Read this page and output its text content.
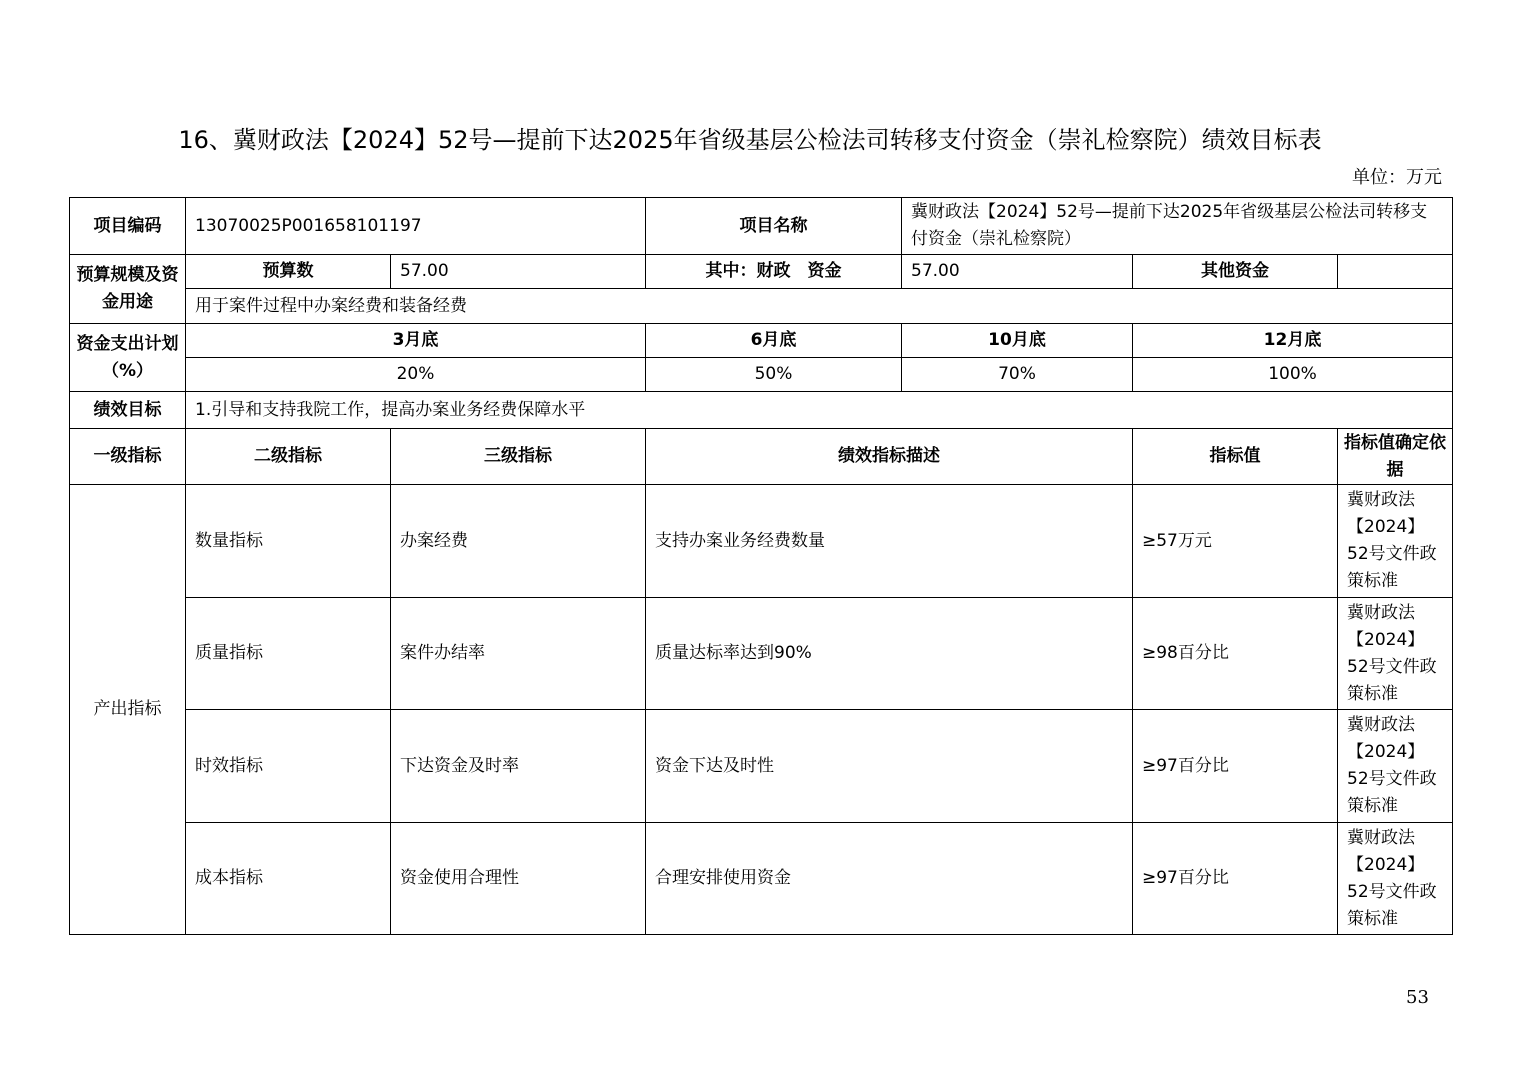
16、冀财政法【2024】52号—提前下达2025年省级基层公检法司转移支付资金（崇礼检察院）绩效目标表
单位：万元
项目编码	13070025P001658101197		项目名称	冀财政法【2024】52号—提前下达2025年省级基层公检法司转移支付资金（崇礼检察院）		
预算规模及资金用途	预算数	57.00	其中：财政　资金	57.00	其他资金	
	用于案件过程中办案经费和装备经费					
资金支出计划（%）	3月底		6月底	10月底	12月底	
	20%		50%	70%	100%	
绩效目标	1.引导和支持我院工作，提高办案业务经费保障水平					
一级指标	二级指标	三级指标	绩效指标描述		指标值	指标值确定依据
产出指标	数量指标	办案经费	支持办案业务经费数量		≥57万元	冀财政法【2024】52号文件政策标准
	质量指标	案件办结率	质量达标率达到90%		≥98百分比	冀财政法【2024】52号文件政策标准
	时效指标	下达资金及时率	资金下达及时性		≥97百分比	冀财政法【2024】52号文件政策标准
	成本指标	资金使用合理性	合理安排使用资金		≥97百分比	冀财政法【2024】52号文件政策标准
53
